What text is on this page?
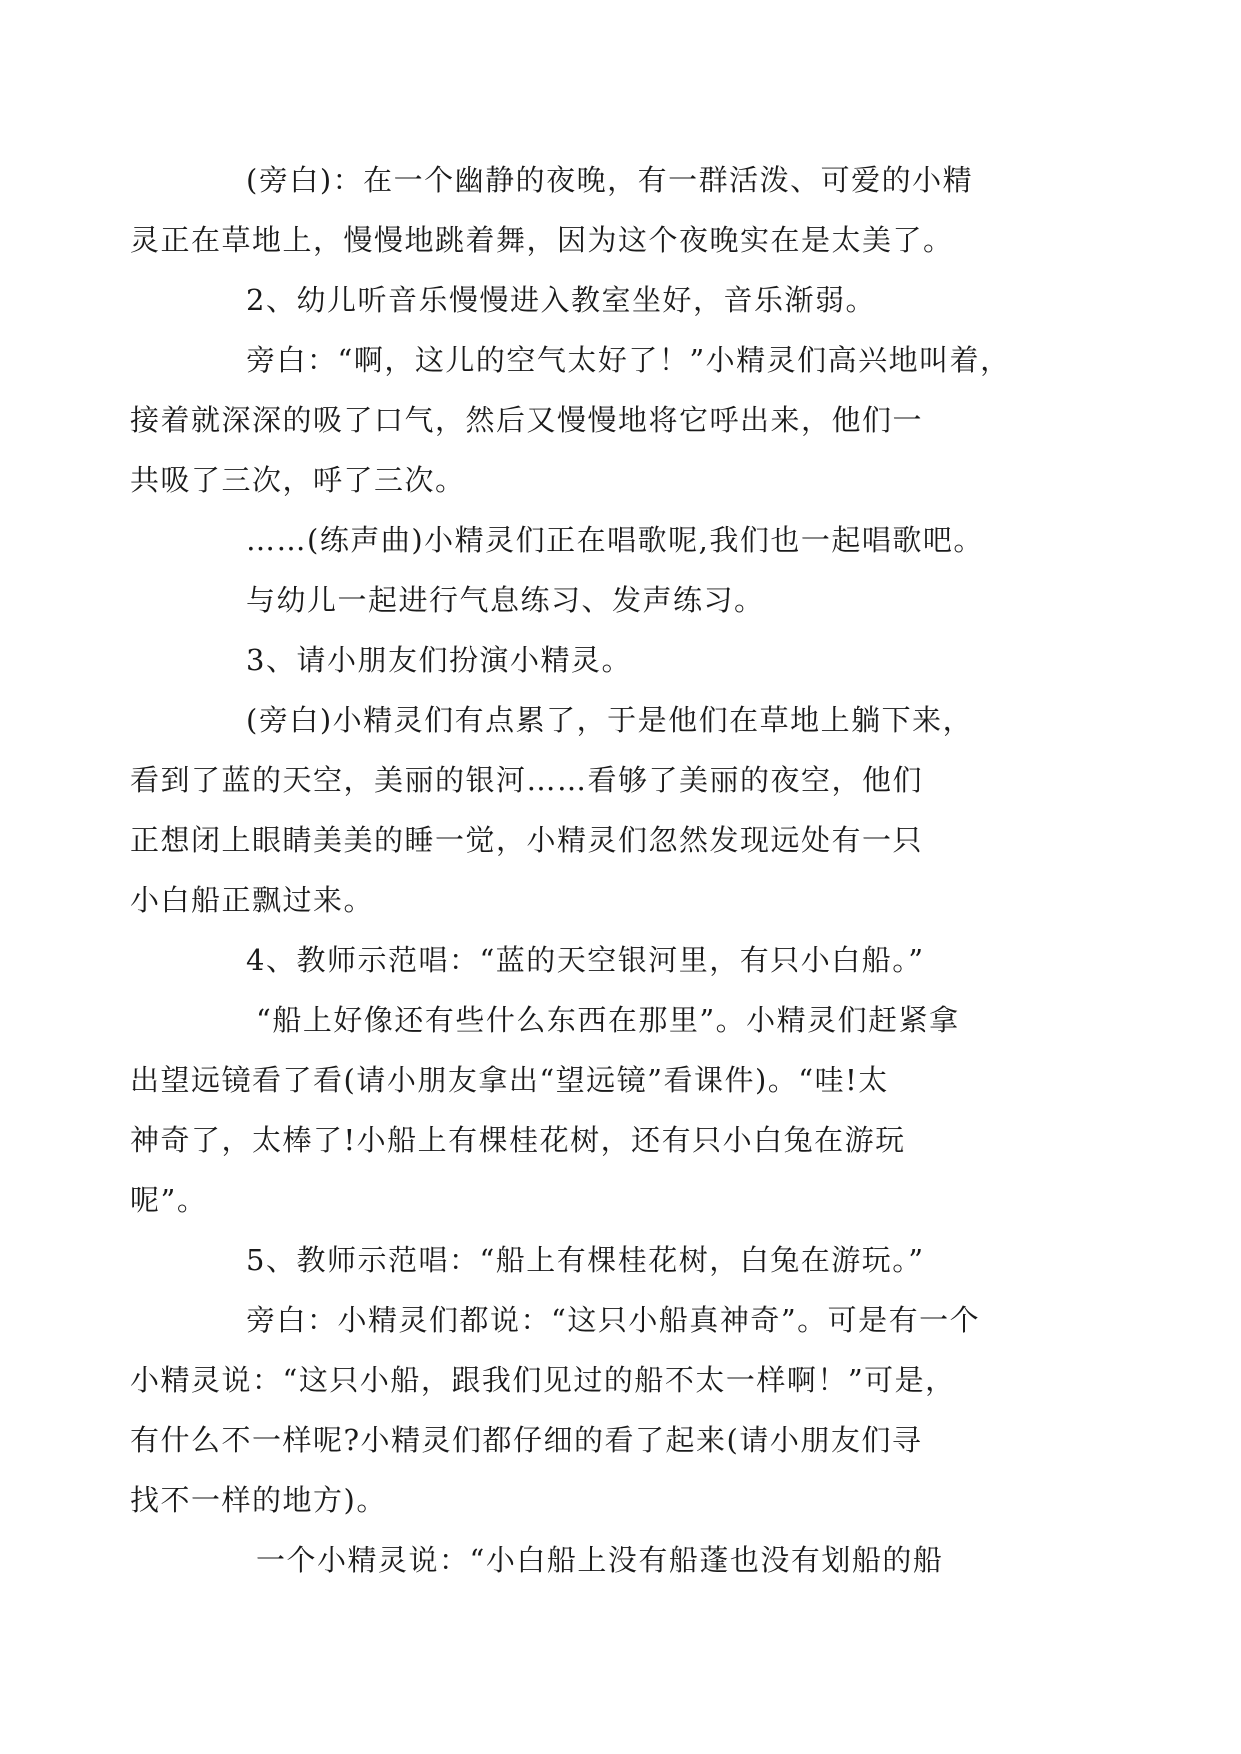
(旁白)：在一个幽静的夜晚，有一群活泼、可爱的小精
灵正在草地上，慢慢地跳着舞，因为这个夜晚实在是太美了。

2、幼儿听音乐慢慢进入教室坐好，音乐渐弱。

旁白：“啊，这儿的空气太好了！”小精灵们高兴地叫着，
接着就深深的吸了口气，然后又慢慢地将它呼出来，他们一
共吸了三次，呼了三次。

……(练声曲)小精灵们正在唱歌呢,我们也一起唱歌吧。

与幼儿一起进行气息练习、发声练习。

3、请小朋友们扮演小精灵。

(旁白)小精灵们有点累了，于是他们在草地上躺下来，
看到了蓝的天空，美丽的银河……看够了美丽的夜空，他们
正想闭上眼睛美美的睡一觉，小精灵们忽然发现远处有一只
小白船正飘过来。

4、教师示范唱：“蓝的天空银河里，有只小白船。”

“船上好像还有些什么东西在那里”。小精灵们赶紧拿
出望远镜看了看(请小朋友拿出“望远镜”看课件)。“哇!太
神奇了，太棒了!小船上有棵桂花树，还有只小白兔在游玩
呢”。

5、教师示范唱：“船上有棵桂花树，白兔在游玩。”

旁白：小精灵们都说：“这只小船真神奇”。可是有一个
小精灵说：“这只小船，跟我们见过的船不太一样啊！”可是，
有什么不一样呢?小精灵们都仔细的看了起来(请小朋友们寻
找不一样的地方)。

一个小精灵说：“小白船上没有船蓬也没有划船的船
